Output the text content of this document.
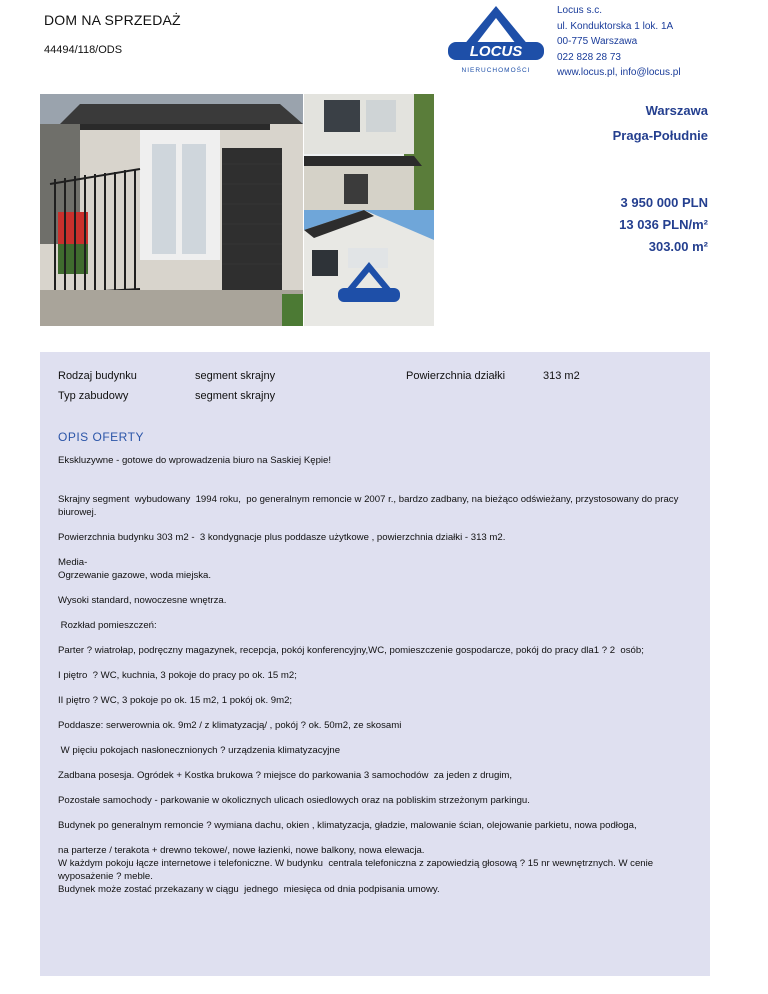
DOM NA SPRZEDAŻ
44494/118/ODS	LOCUS
NIERUCHOMOŚCI
Locus s.c.
ul. Konduktorska 1 lok. 1A
00-775 Warszawa
022 828 28 73
www.locus.pl, info@locus.pl
Warszawa
Praga-Południe
3 950 000 PLN
13 036 PLN/m²
303.00 m²
Rodzaj budynku	segment skrajny
Typ zabudowy	segment skrajny
Powierzchnia działki	313 m2
OPIS OFERTY

Ekskluzywne - gotowe do wprowadzenia biuro na Saskiej Kępie!

Skrajny segment  wybudowany  1994 roku,  po generalnym remoncie w 2007 r., bardzo zadbany, na bieżąco odświeżany, przystosowany do pracy biurowej.

Powierzchnia budynku 303 m2 -  3 kondygnacje plus poddasze użytkowe , powierzchnia działki - 313 m2.

Media-
Ogrzewanie gazowe, woda miejska.

Wysoki standard, nowoczesne wnętrza.

Rozkład pomieszczeń:

Parter ? wiatrołap, podręczny magazynek, recepcja, pokój konferencyjny,WC, pomieszczenie gospodarcze, pokój do pracy dla1 ? 2  osób;

I piętro  ? WC, kuchnia, 3 pokoje do pracy po ok. 15 m2;

II piętro ? WC, 3 pokoje po ok. 15 m2, 1 pokój ok. 9m2;

Poddasze: serwerownia ok. 9m2 / z klimatyzacją/ , pokój ? ok. 50m2, ze skosami

W pięciu pokojach nasłonecznionych ? urządzenia klimatyzacyjne

Zadbana posesja. Ogródek + Kostka brukowa ? miejsce do parkowania 3 samochodów  za jeden z drugim,

Pozostałe samochody - parkowanie w okolicznych ulicach osiedlowych oraz na pobliskim strzeżonym parkingu.

Budynek po generalnym remoncie ? wymiana dachu, okien , klimatyzacja, gładzie, malowanie ścian, olejowanie parkietu, nowa podłoga,

na parterze / terakota + drewno tekowe/, nowe łazienki, nowe balkony, nowa elewacja.
W każdym pokoju łącze internetowe i telefoniczne. W budynku  centrala telefoniczna z zapowiedzią głosową ? 15 nr wewnętrznych. W cenie  wyposażenie ? meble.
Budynek może zostać przekazany w ciągu  jednego  miesięca od dnia podpisania umowy.
